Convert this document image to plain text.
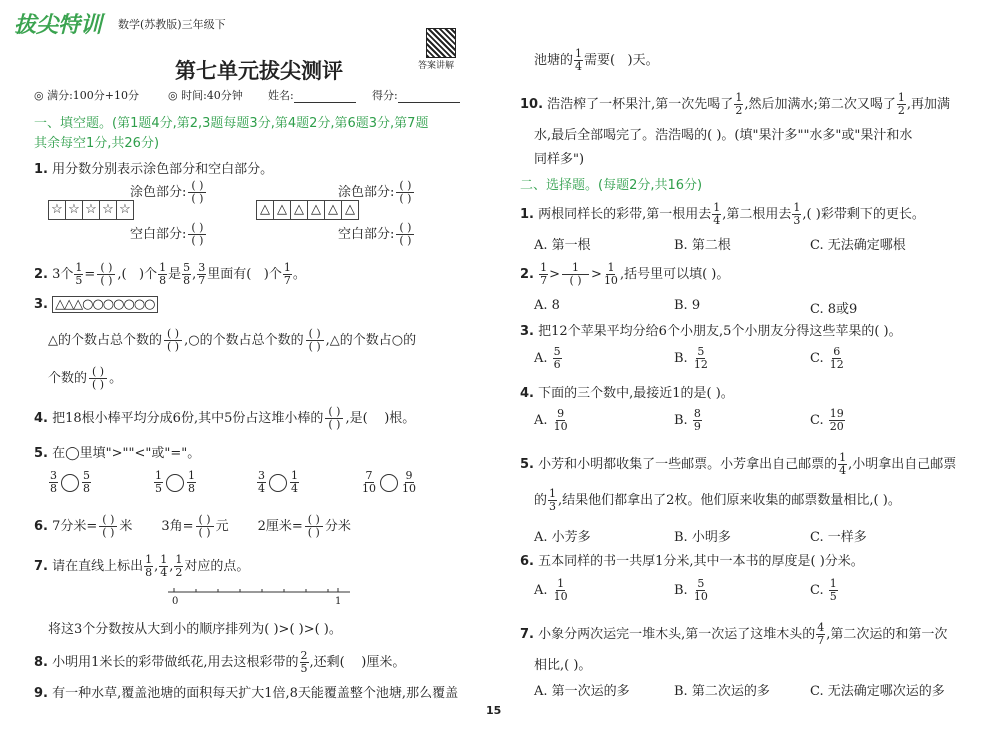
拔尖特训 数学(苏教版)三年级下
答案讲解
第七单元拔尖测评
◎ 满分:100分+10分	◎ 时间:40分钟 姓名:	得分:
一、填空题。(第1题4分,第2,3题每题3分,第4题2分,第6题3分,第7题
其余每空1分,共26分)
1. 用分数分别表示涂色部分和空白部分。
☆ ☆ ☆ ☆ ☆
涂色部分: ( )
( )
空白部分: ( )
( )
△ △ △ △ △ △
涂色部分: ( )
( )
空白部分: ( )
( )
2. 3个 $\frac{1}{5}$ = ( )
( ) ,( )个 $\frac{1}{8}$ 是 $\frac{5}{8}$ , $\frac{3}{7}$ 里面有( )个 $\frac{1}{7}$ 。
3. △△△○○○○○○○
△的个数占总个数的 ( )
( ) ,○的个数占总个数的 ( )
( ) ,△的个数占○的
个数的 ( )
( ) 。
4. 把18根小棒平均分成6份,其中5份占这堆小棒的 ( )
( ) ,是( )根。
5. 在◯里填">""<"或"="。
$\frac{3}{8} \frac{5}{8}$	$\frac{1}{5} \frac{1}{8}$	$\frac{3}{4} \frac{1}{4}$	$\frac{7}{10} \frac{9}{10}$
6. 7分米= ( )
( ) 米 3角= ( )
( ) 元 2厘米= ( )
( ) 分米
7. 请在直线上标出 $\frac{1}{8}$ , $\frac{1}{4}$ , $\frac{1}{2}$ 对应的点。
0	1
将这3个分数按从大到小的顺序排列为( )>( )>( )。
8. 小明用1米长的彩带做纸花,用去这根彩带的 $\frac{2}{5}$ ,还剩( )厘米。
9. 有一种水草,覆盖池塘的面积每天扩大1倍,8天能覆盖整个池塘,那么覆盖
池塘的 $\frac{1}{4}$ 需要( )天。
10. 浩浩榨了一杯果汁,第一次先喝了 $\frac{1}{2}$ ,然后加满水;第二次又喝了 $\frac{1}{2}$ ,再加满
水,最后全部喝完了。浩浩喝的( )。(填"果汁多""水多"或"果汁和水
同样多")
二、选择题。(每题2分,共16分)
1. 两根同样长的彩带,第一根用去 $\frac{1}{4}$ ,第二根用去 $\frac{1}{3}$ ,( )彩带剩下的更长。
A. 第一根	B. 第二根	C. 无法确定哪根
2. $\frac{1}{7} > 1$
( ) > $\frac{1}{10}$ ,括号里可以填( )。
A. 8	B. 9	C. 8或9
3. 把12个苹果平均分给6个小朋友,5个小朋友分得这些苹果的( )。
A. $\frac{5}{6}$	B. $\frac{5}{12}$	C. $\frac{6}{12}$
4. 下面的三个数中,最接近1的是( )。
A. $\frac{9}{10}$	B. $\frac{8}{9}$	C. $\frac{19}{20}$
5. 小芳和小明都收集了一些邮票。小芳拿出自己邮票的 $\frac{1}{4}$ ,小明拿出自己邮票
的 $\frac{1}{3}$ ,结果他们都拿出了2枚。他们原来收集的邮票数量相比,( )。
A. 小芳多	B. 小明多	C. 一样多
6. 五本同样的书一共厚1分米,其中一本书的厚度是( )分米。
A. $\frac{1}{10}$	B. $\frac{5}{10}$	C. $\frac{1}{5}$
7. 小象分两次运完一堆木头,第一次运了这堆木头的 $\frac{4}{7}$ ,第二次运的和第一次
相比,( )。
A. 第一次运的多	B. 第二次运的多	C. 无法确定哪次运的多
15
